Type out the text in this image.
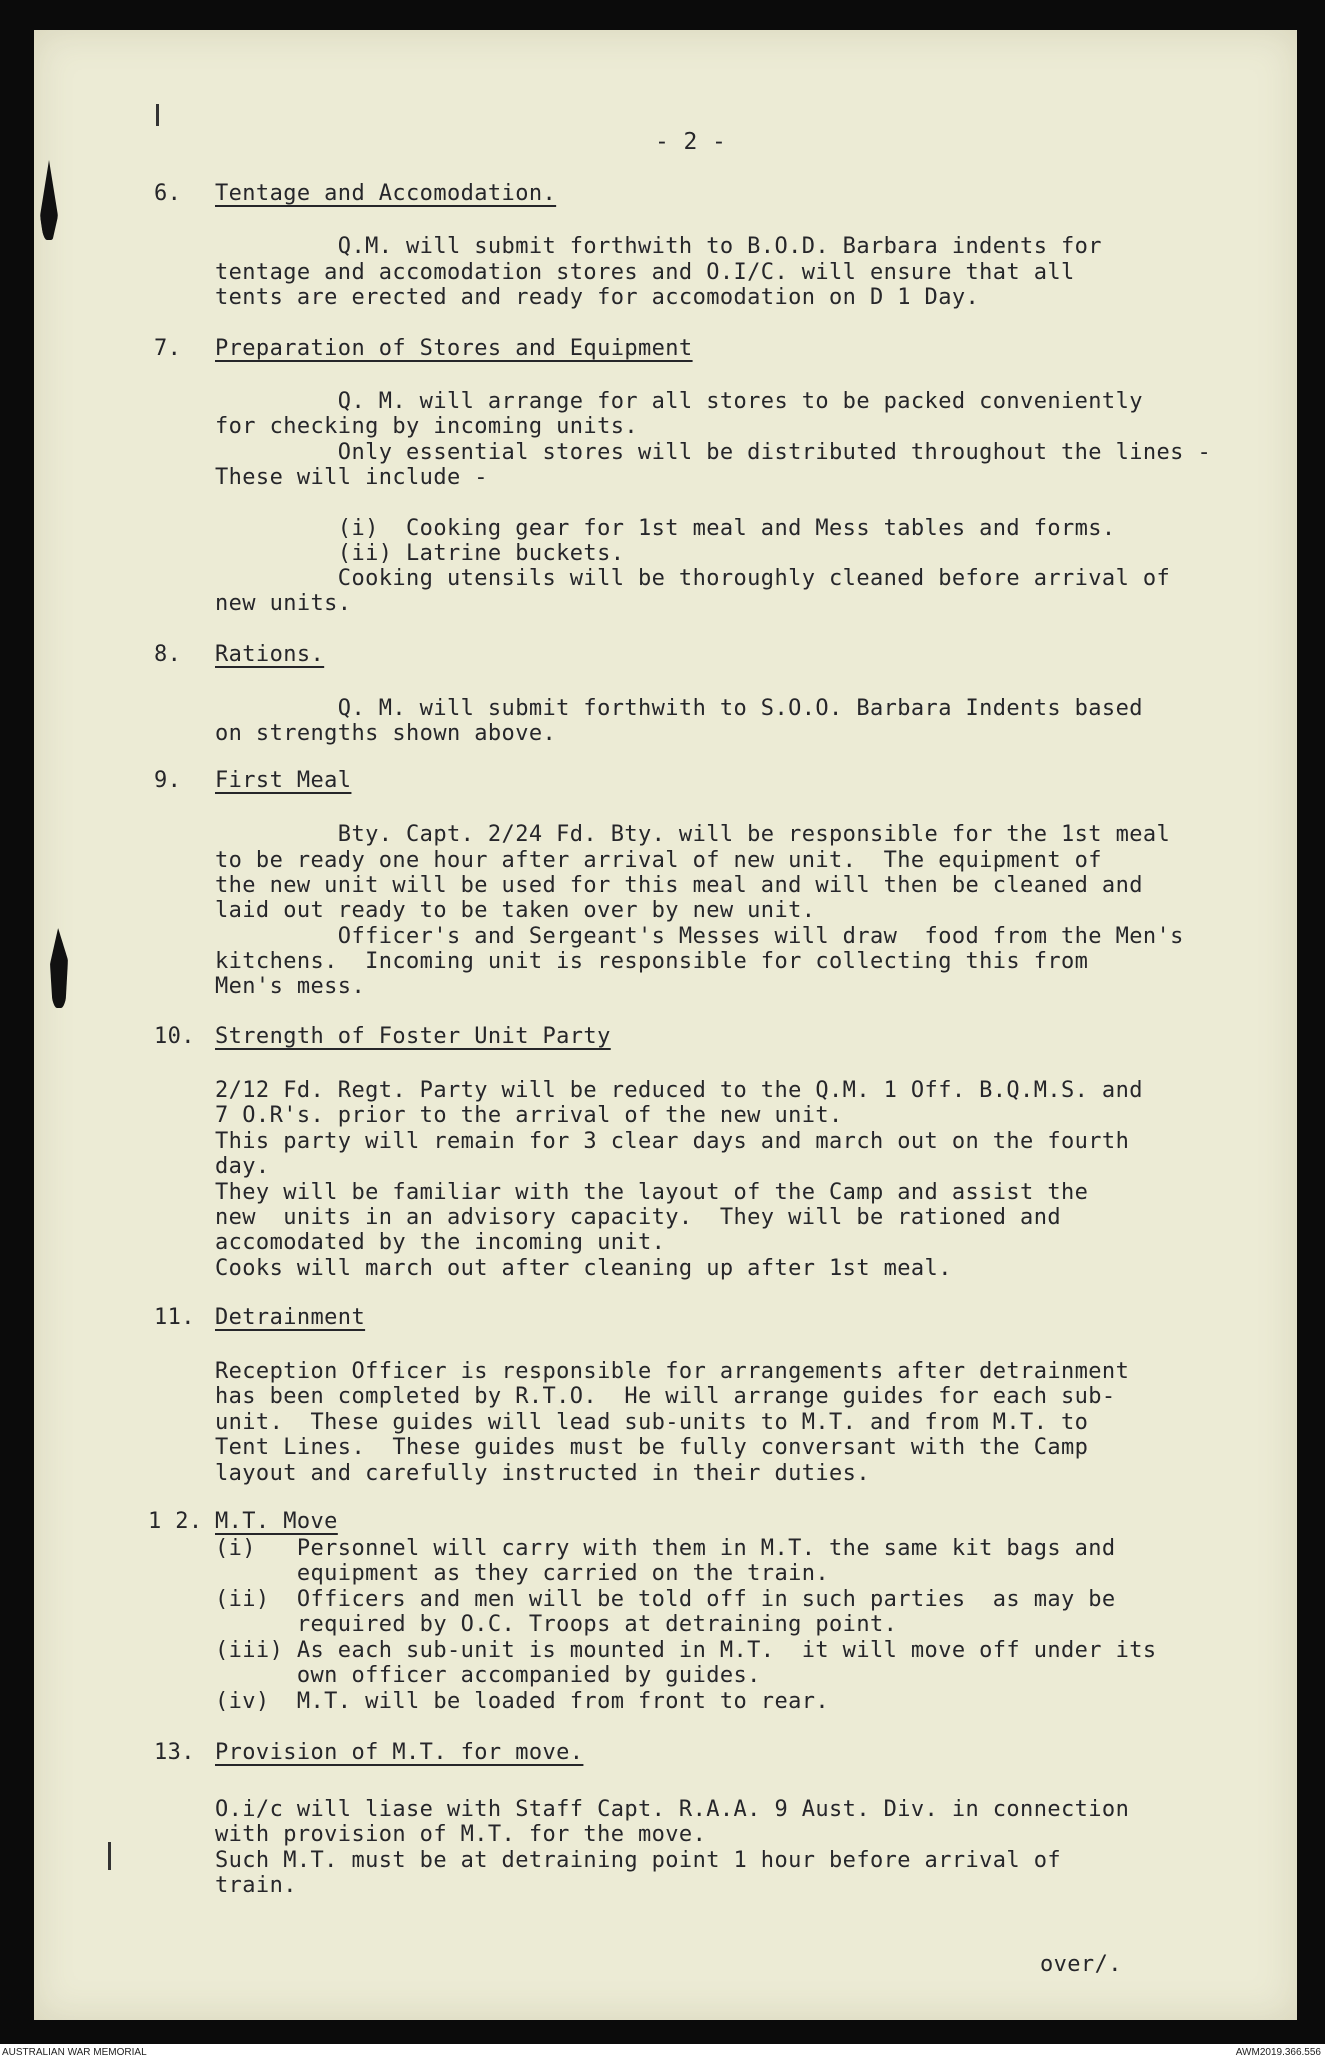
- 2 -
6. Tentage and Accomodation.
Q.M. will submit forthwith to B.O.D. Barbara indents for
tentage and accomodation stores and O.I/C. will ensure that all
tents are erected and ready for accomodation on D 1 Day.
7. Preparation of Stores and Equipment
Q. M. will arrange for all stores to be packed conveniently
for checking by incoming units.
Only essential stores will be distributed throughout the lines -
These will include -
(i)  Cooking gear for 1st meal and Mess tables and forms.
(ii) Latrine buckets.
Cooking utensils will be thoroughly cleaned before arrival of
new units.
8. Rations.
Q. M. will submit forthwith to S.O.O. Barbara Indents based
on strengths shown above.
9. First Meal
Bty. Capt. 2/24 Fd. Bty. will be responsible for the 1st meal
to be ready one hour after arrival of new unit.  The equipment of
the new unit will be used for this meal and will then be cleaned and
laid out ready to be taken over by new unit.
Officer's and Sergeant's Messes will draw  food from the Men's
kitchens.  Incoming unit is responsible for collecting this from
Men's mess.
10. Strength of Foster Unit Party
2/12 Fd. Regt. Party will be reduced to the Q.M. 1 Off. B.Q.M.S. and
7 O.R's. prior to the arrival of the new unit.
This party will remain for 3 clear days and march out on the fourth
day.
They will be familiar with the layout of the Camp and assist the
new  units in an advisory capacity.  They will be rationed and
accomodated by the incoming unit.
Cooks will march out after cleaning up after 1st meal.
11. Detrainment
Reception Officer is responsible for arrangements after detrainment
has been completed by R.T.O.  He will arrange guides for each sub-
unit.  These guides will lead sub-units to M.T. and from M.T. to
Tent Lines.  These guides must be fully conversant with the Camp
layout and carefully instructed in their duties.
1 2. M.T. Move
(i)   Personnel will carry with them in M.T. the same kit bags and
equipment as they carried on the train.
(ii)  Officers and men will be told off in such parties  as may be
required by O.C. Troops at detraining point.
(iii) As each sub-unit is mounted in M.T.  it will move off under its
own officer accompanied by guides.
(iv)  M.T. will be loaded from front to rear.
13. Provision of M.T. for move.
O.i/c will liase with Staff Capt. R.A.A. 9 Aust. Div. in connection
with provision of M.T. for the move.
Such M.T. must be at detraining point 1 hour before arrival of
train.
over/.
AUSTRALIAN WAR MEMORIAL	AWM2019.366.556
